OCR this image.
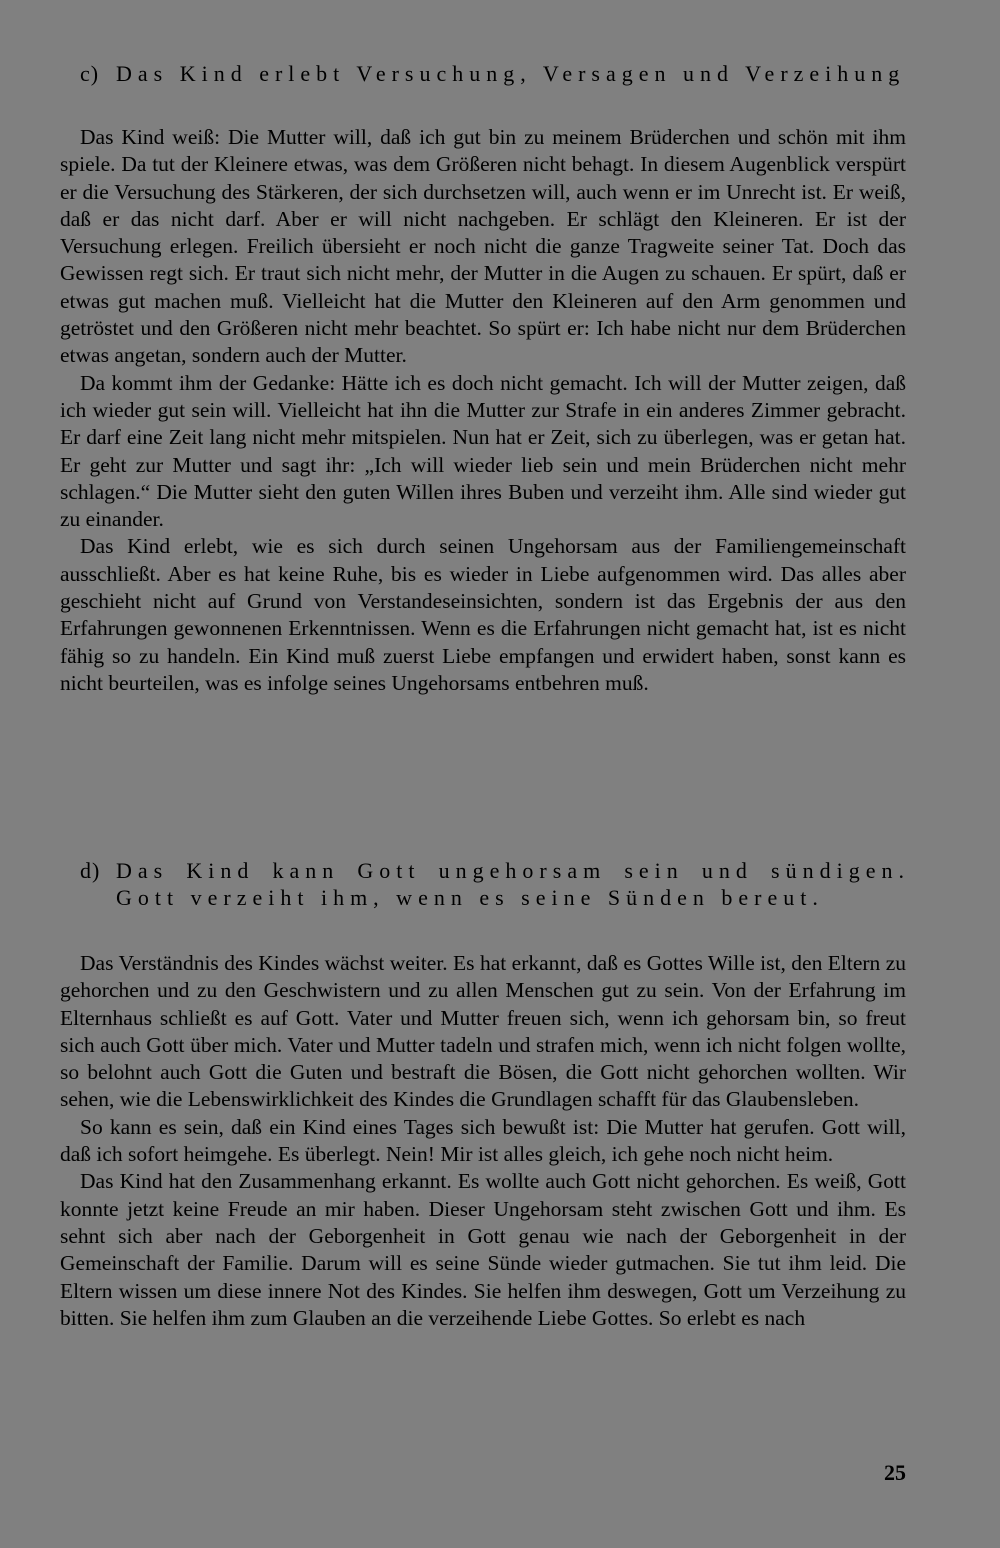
c) Das Kind erlebt Versuchung, Versagen und Verzeihung

Das Kind weiß: Die Mutter will, daß ich gut bin zu meinem Brüderchen und schön mit ihm spiele. Da tut der Kleinere etwas, was dem Größeren nicht behagt. In diesem Augenblick verspürt er die Versuchung des Stärkeren, der sich durchsetzen will, auch wenn er im Unrecht ist. Er weiß, daß er das nicht darf. Aber er will nicht nachgeben. Er schlägt den Kleineren. Er ist der Versuchung erlegen. Freilich übersieht er noch nicht die ganze Tragweite seiner Tat. Doch das Gewissen regt sich. Er traut sich nicht mehr, der Mutter in die Augen zu schauen. Er spürt, daß er etwas gut machen muß. Vielleicht hat die Mutter den Kleineren auf den Arm genommen und getröstet und den Größeren nicht mehr beachtet. So spürt er: Ich habe nicht nur dem Brüderchen etwas angetan, sondern auch der Mutter.

Da kommt ihm der Gedanke: Hätte ich es doch nicht gemacht. Ich will der Mutter zeigen, daß ich wieder gut sein will. Vielleicht hat ihn die Mutter zur Strafe in ein anderes Zimmer gebracht. Er darf eine Zeit lang nicht mehr mitspielen. Nun hat er Zeit, sich zu überlegen, was er getan hat. Er geht zur Mutter und sagt ihr: „Ich will wieder lieb sein und mein Brüderchen nicht mehr schlagen.“ Die Mutter sieht den guten Willen ihres Buben und verzeiht ihm. Alle sind wieder gut zu einander.

Das Kind erlebt, wie es sich durch seinen Ungehorsam aus der Familiengemeinschaft ausschließt. Aber es hat keine Ruhe, bis es wieder in Liebe aufgenommen wird. Das alles aber geschieht nicht auf Grund von Verstandeseinsichten, sondern ist das Ergebnis der aus den Erfahrungen gewonnenen Erkenntnissen. Wenn es die Erfahrungen nicht gemacht hat, ist es nicht fähig so zu handeln. Ein Kind muß zuerst Liebe empfangen und erwidert haben, sonst kann es nicht beurteilen, was es infolge seines Ungehorsams entbehren muß.

d) Das Kind kann Gott ungehorsam sein und sündigen. Gott verzeiht ihm, wenn es seine Sünden bereut.

Das Verständnis des Kindes wächst weiter. Es hat erkannt, daß es Gottes Wille ist, den Eltern zu gehorchen und zu den Geschwistern und zu allen Menschen gut zu sein. Von der Erfahrung im Elternhaus schließt es auf Gott. Vater und Mutter freuen sich, wenn ich gehorsam bin, so freut sich auch Gott über mich. Vater und Mutter tadeln und strafen mich, wenn ich nicht folgen wollte, so belohnt auch Gott die Guten und bestraft die Bösen, die Gott nicht gehorchen wollten. Wir sehen, wie die Lebenswirklichkeit des Kindes die Grundlagen schafft für das Glaubensleben.

So kann es sein, daß ein Kind eines Tages sich bewußt ist: Die Mutter hat gerufen. Gott will, daß ich sofort heimgehe. Es überlegt. Nein! Mir ist alles gleich, ich gehe noch nicht heim.

Das Kind hat den Zusammenhang erkannt. Es wollte auch Gott nicht gehorchen. Es weiß, Gott konnte jetzt keine Freude an mir haben. Dieser Ungehorsam steht zwischen Gott und ihm. Es sehnt sich aber nach der Geborgenheit in Gott genau wie nach der Geborgenheit in der Gemeinschaft der Familie. Darum will es seine Sünde wieder gutmachen. Sie tut ihm leid. Die Eltern wissen um diese innere Not des Kindes. Sie helfen ihm deswegen, Gott um Verzeihung zu bitten. Sie helfen ihm zum Glauben an die verzeihende Liebe Gottes. So erlebt es nach

25
